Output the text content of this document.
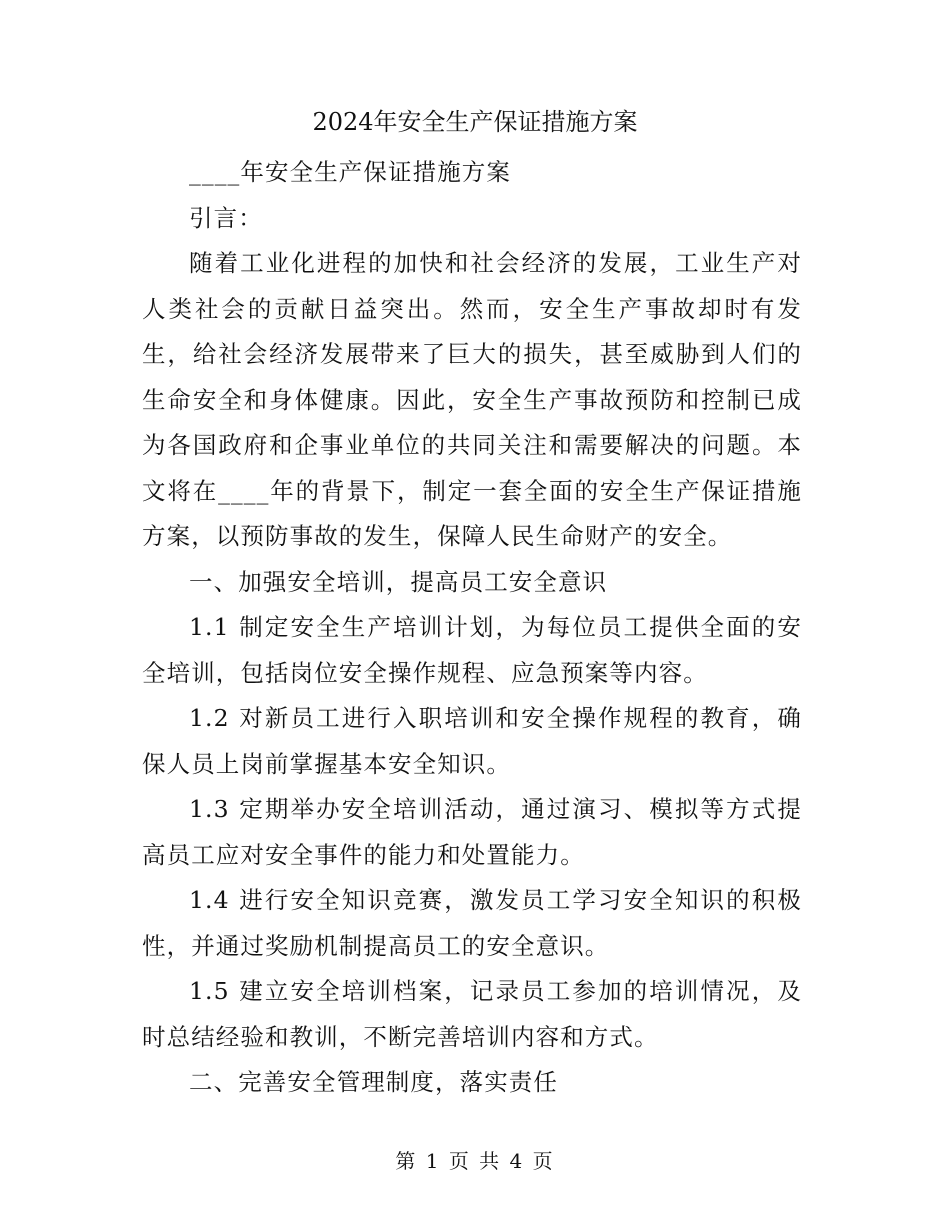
2024年安全生产保证措施方案

____年安全生产保证措施方案

引言：

随着工业化进程的加快和社会经济的发展，工业生产对人类社会的贡献日益突出。然而，安全生产事故却时有发生，给社会经济发展带来了巨大的损失，甚至威胁到人们的生命安全和身体健康。因此，安全生产事故预防和控制已成为各国政府和企事业单位的共同关注和需要解决的问题。本文将在____年的背景下，制定一套全面的安全生产保证措施方案，以预防事故的发生，保障人民生命财产的安全。

一、加强安全培训，提高员工安全意识

1.1 制定安全生产培训计划，为每位员工提供全面的安全培训，包括岗位安全操作规程、应急预案等内容。

1.2 对新员工进行入职培训和安全操作规程的教育，确保人员上岗前掌握基本安全知识。

1.3 定期举办安全培训活动，通过演习、模拟等方式提高员工应对安全事件的能力和处置能力。

1.4 进行安全知识竞赛，激发员工学习安全知识的积极性，并通过奖励机制提高员工的安全意识。

1.5 建立安全培训档案，记录员工参加的培训情况，及时总结经验和教训，不断完善培训内容和方式。

二、完善安全管理制度，落实责任

第 1 页 共 4 页
